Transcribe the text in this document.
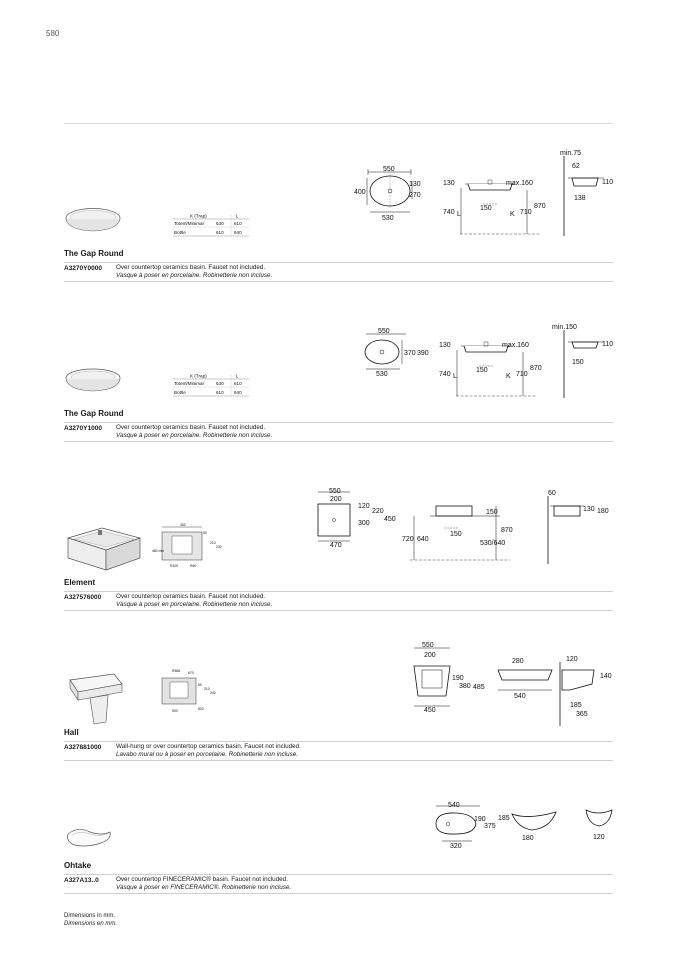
580
K (Trap)	L
Totem/Minimal	530 610
Bottle	610 640
550
400
130
270
530
130	max.160
740 L
150
K 710
870
min.75
62
110
138
The Gap Round
A3270Y0000 Over countertop ceramics basin. Faucet not included.
Vasque à poser en porcelaine. Robinetterie non incluse.
K (Trap)	L
Totem/Minimal	530 610
Bottle	610 640
550
370 390
530
130	max.160
740 L
150
K 710
870
min.150
110
150
The Gap Round
A3270Y1000 Over countertop ceramics basin. Faucet not included.
Vasque à poser en porcelaine. Robinetterie non incluse.
300
50
210
230
480 min
R100	R60
550
200
120
220
300
450
470
150
720 640
150
870
530/640
60
130 180
Element
A327576000 Over countertop ceramics basin. Faucet not included.
Vasque à poser en porcelaine. Robinetterie non incluse.
R566 670
50
210
240
500	820
550
200
190
380 485
450
280
540
120
140
185
365
Hall
A327881000 Wall-hung or over countertop ceramics basin. Faucet not included.
Lavabo mural ou à poser en porcelaine. Robinetterie non incluse.
540
190
375
320
185
180	120
Ohtake
A327A13..0	Over countertop FINECERAMIC® basin. Faucet not included.
Vasque à poser en FINECERAMIC®. Robinetterie non incluse.
Dimensions in mm.
Dimensions en mm.
